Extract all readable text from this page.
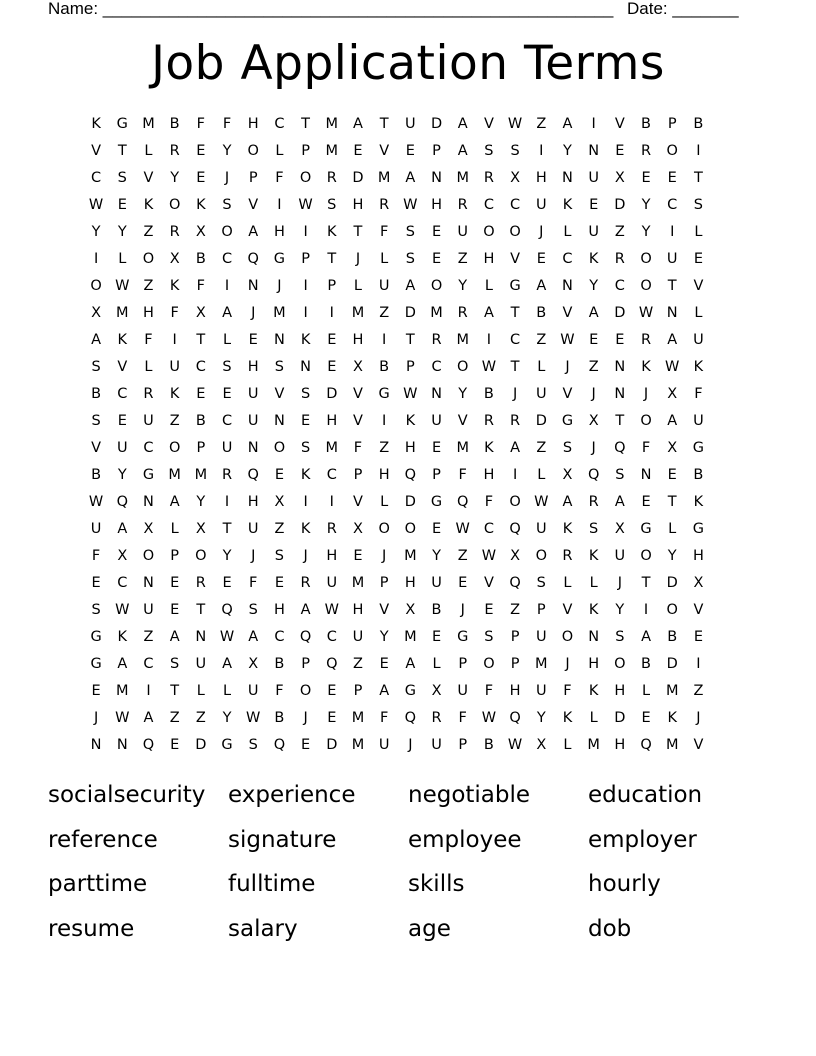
Name: ______________________________________________________ Date: _______
Job Application Terms
K	G M	B	F	F	H	C	T	M	A	T	U	D	A	V W Z	A	I	V	B	P	B
V	T	L	R	E	Y	O	L	P	M	E	V	E	P	A	S	S	I	Y	N	E	R	O	I
C	S	V	Y	E	J	P	F	O	R	D M	A	N	M	R	X	H	N	U	X	E	E	T
W E	K	O	K	S	V	I	W S	H	R W H	R	C	C	U	K	E	D	Y	C	S
Y	Y	Z	R	X	O	A	H	I	K	T	F	S	E	U	O	O	J	L	U	Z	Y	I	L
I	L	O	X	B	C	Q	G	P	T	J	L	S	E	Z	H	V	E	C	K	R	O	U	E
O W Z	K	F	I	N	J	I	P	L	U	A	O	Y	L	G	A	N	Y	C	O	T	V
X	M H	F	X	A	J	M	I	I	M	Z	D M	R	A	T	B	V	A	D W N	L
A	K	F	I	T	L	E	N	K	E	H	I	T	R	M	I	C	Z W E	E	R	A	U
S	V	L	U	C	S	H	S	N	E	X	B	P	C	O W	T	L	J	Z	N	K W K
B	C	R	K	E	E	U	V	S	D	V	G W N	Y	B	J	U	V	J	N	J	X	F
S	E	U	Z	B	C	U	N	E	H	V	I	K	U	V	R	R	D	G	X	T	O	A	U
V	U	C	O	P	U	N	O	S	M	F	Z	H	E	M	K	A	Z	S	J	Q	F	X	G
B	Y	G M M	R	Q	E	K	C	P	H	Q	P	F	H	I	L	X	Q	S	N	E	B
W Q	N	A	Y	I	H	X	I	I	V	L	D	G	Q	F	O W A	R	A	E	T	K
U	A	X	L	X	T	U	Z	K	R	X	O	O	E W C	Q	U	K	S	X	G	L	G
F	X	O	P	O	Y	J	S	J	H	E	J	M	Y	Z W X	O	R	K	U	O	Y	H
E	C	N	E	R	E	F	E	R	U	M	P	H	U	E	V	Q	S	L	L	J	T	D	X
S W U	E	T	Q	S	H	A W H	V	X	B	J	E	Z	P	V	K	Y	I	O	V
G	K	Z	A	N W A	C	Q	C	U	Y	M	E	G	S	P	U	O	N	S	A	B	E
G	A	C	S	U	A	X	B	P	Q	Z	E	A	L	P	O	P	M	J	H	O	B	D	I
E	M	I	T	L	L	U	F	O	E	P	A	G	X	U	F	H	U	F	K	H	L	M	Z
J	W A	Z	Z	Y	W B	J	E	M	F	Q	R	F	W Q	Y	K	L	D	E	K	J
N	N	Q	E	D	G	S	Q	E	D M	U	J	U	P	B W X	L	M H	Q M	V
socialsecurity experience	negotiable	education
reference	signature	employee	employer
parttime	fulltime	skills	hourly
resume	salary	age	dob
